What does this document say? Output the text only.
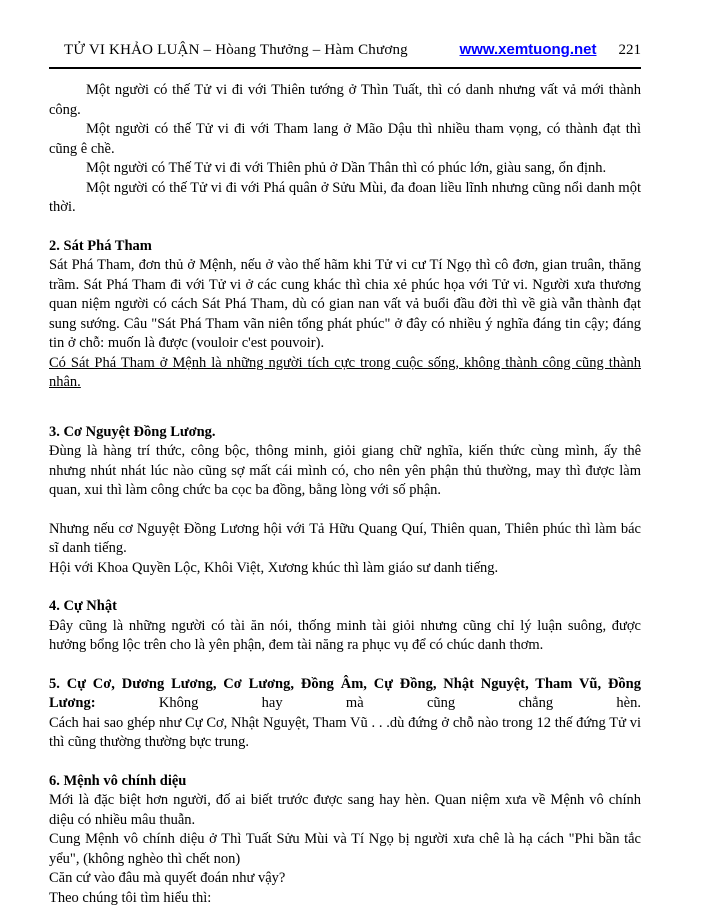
TỬ VI KHẢO LUẬN – Hòang Thưởng – Hàm Chương	www.xemtuong.net 221

Một người có thế Tử vi đi với Thiên tướng ở Thìn Tuất, thì có danh nhưng vất vả mới thành công.

Một người có thế Tử vi đi với Tham lang ở Mão Dậu thì nhiều tham vọng, có thành đạt thì cũng ê chề.

Một người có Thế Tử vi đi với Thiên phủ ở Dần Thân thì có phúc lớn, giàu sang, ổn định.

Một người có thế Tử vi đi với Phá quân ở Sửu Mùi, đa đoan liều lĩnh nhưng cũng nổi danh một thời.

2. Sát Phá Tham

Sát Phá Tham, đơn thủ ở Mệnh, nếu ở vào thế hãm khi Tử vi cư Tí Ngọ thì cô đơn, gian truân, thăng trầm. Sát Phá Tham đi với Tử vi ở các cung khác thì chia xẻ phúc họa với Tử vi. Người xưa thương quan niệm người có cách Sát Phá Tham, dù có gian nan vất vả buổi đầu đời thì về già vẫn thành đạt sung sướng. Câu "Sát Phá Tham vãn niên tổng phát phúc" ở đây có nhiều ý nghĩa đáng tin cậy; đáng tin ở chỗ: muốn là được (vouloir c'est pouvoir).

Có Sát Phá Tham ở Mệnh là những người tích cực trong cuộc sống, không thành công cũng thành nhân.

3. Cơ Nguyệt Đồng Lương.

Đùng là hàng trí thức, công bộc, thông minh, giỏi giang chữ nghĩa, kiến thức cùng mình, ấy thê nhưng nhút nhát lúc nào cũng sợ mất cái mình có, cho nên yên phận thủ thường, may thì được làm quan, xui thì làm công chức ba cọc ba đồng, bằng lòng với số phận.

Nhưng nếu cơ Nguyệt Đồng Lương hội với Tả Hữu Quang Quí, Thiên quan, Thiên phúc thì làm bác sĩ danh tiếng.

Hội với Khoa Quyền Lộc, Khôi Việt, Xương khúc thì làm giáo sư danh tiếng.

4. Cự Nhật

Đây cũng là những người có tài ăn nói, thống minh tài giỏi nhưng cũng chỉ lý luận suông, được hưởng bổng lộc trên cho là yên phận, đem tài năng ra phục vụ để có chúc danh thơm.

5. Cự Cơ, Dương Lương, Cơ Lương, Đồng Âm, Cự Đồng, Nhật Nguyệt, Tham Vũ, Đồng Lương:	Không hay mà cũng chẳng hèn.

Cách hai sao ghép như Cự Cơ, Nhật Nguyệt, Tham Vũ . . .dù đứng ở chỗ nào trong 12 thế đứng Tử vi thì cũng thường thường bực trung.

6. Mệnh vô chính diệu

Mới là đặc biệt hơn người, đố ai biết trước được sang hay hèn. Quan niệm xưa về Mệnh vô chính diệu có nhiều mâu thuẫn.

Cung Mệnh vô chính diệu ở Thì Tuất Sửu Mùi và Tí Ngọ bị người xưa chê là hạ cách "Phi bần tắc yểu", (không nghèo thì chết non)

Căn cứ vào đâu mà quyết đoán như vậy?

Theo chúng tôi tìm hiểu thì:
